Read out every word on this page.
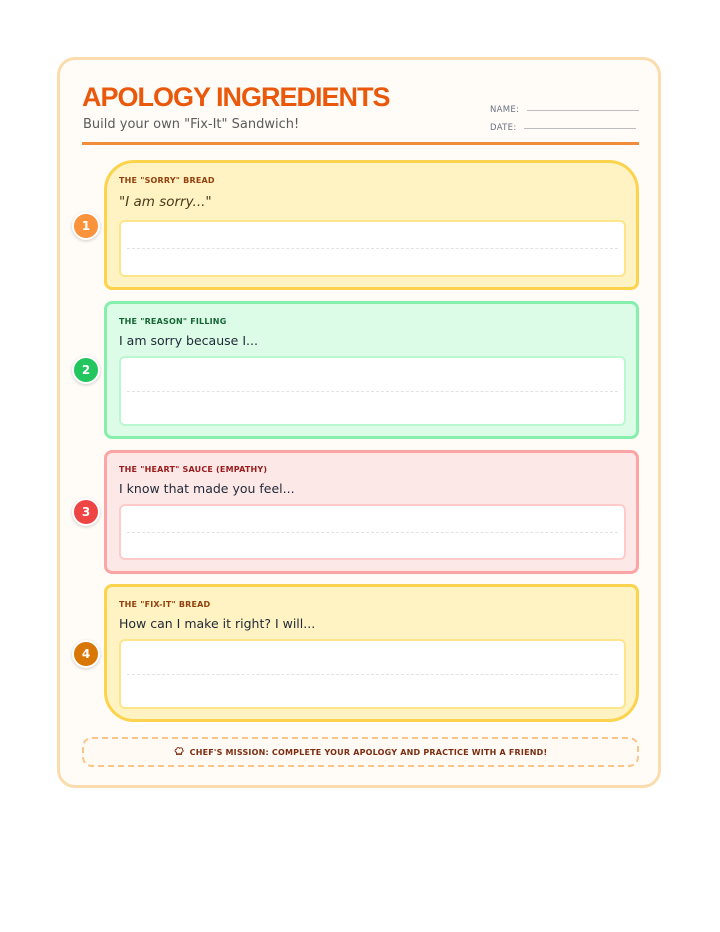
APOLOGY INGREDIENTS
Build your own "Fix-It" Sandwich!
NAME:
DATE:
THE "SORRY" BREAD
"I am sorry..."
1
THE "REASON" FILLING
I am sorry because I...
2
THE "HEART" SAUCE (EMPATHY)
I know that made you feel...
3
THE "FIX-IT" BREAD
How can I make it right? I will...
4
CHEF'S MISSION: COMPLETE YOUR APOLOGY AND PRACTICE WITH A FRIEND!
